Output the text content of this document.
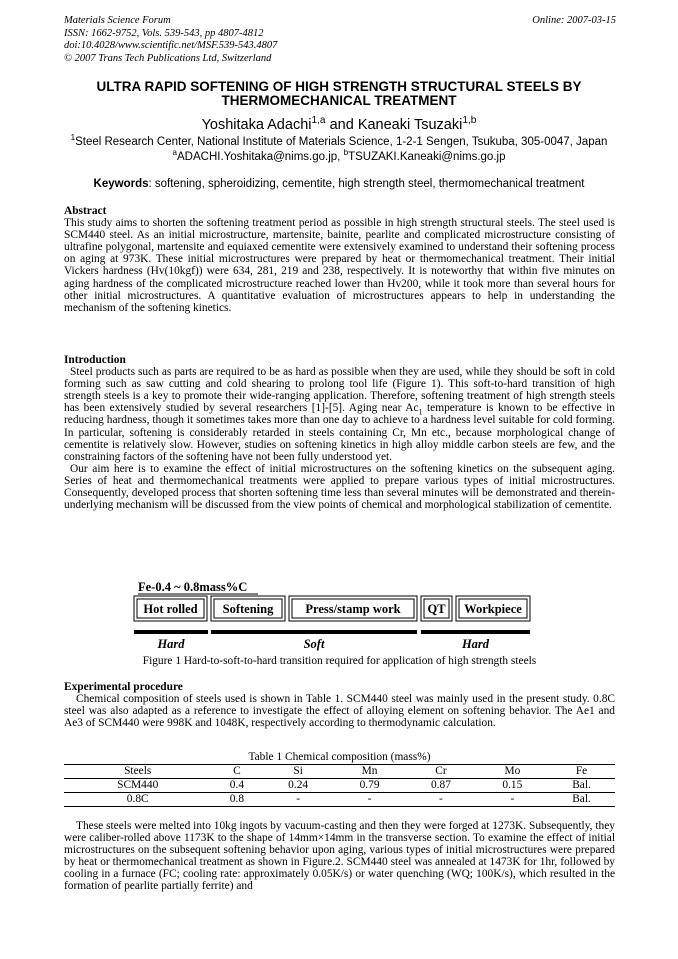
Materials Science Forum
ISSN: 1662-9752, Vols. 539-543, pp 4807-4812
doi:10.4028/www.scientific.net/MSF.539-543.4807
© 2007 Trans Tech Publications Ltd, Switzerland
Online: 2007-03-15
ULTRA RAPID SOFTENING OF HIGH STRENGTH STRUCTURAL STEELS BY
THERMOMECHANICAL TREATMENT
Yoshitaka Adachi$^{1,a}$ and Kaneaki Tsuzaki$^{1,b}$
$^1$Steel Research Center, National Institute of Materials Science, 1-2-1 Sengen, Tsukuba, 305-0047, Japan
$^a$ADACHI.Yoshitaka@nims.go.jp, $^b$TSUZAKI.Kaneaki@nims.go.jp
Keywords: softening, spheroidizing, cementite, high strength steel, thermomechanical treatment

Abstract

This study aims to shorten the softening treatment period as possible in high strength structural steels. The steel used is SCM440 steel. As an initial microstructure, martensite, bainite, pearlite and complicated microstructure consisting of ultrafine polygonal, martensite and equiaxed cementite were extensively examined to understand their softening process on aging at 973K. These initial microstructures were prepared by heat or thermomechanical treatment. Their initial Vickers hardness (Hv(10kgf)) were 634, 281, 219 and 238, respectively. It is noteworthy that within five minutes on aging hardness of the complicated microstructure reached lower than Hv200, while it took more than several hours for other initial microstructures. A quantitative evaluation of microstructures appears to help in understanding the mechanism of the softening kinetics.

Introduction

Steel products such as parts are required to be as hard as possible when they are used, while they should be soft in cold forming such as saw cutting and cold shearing to prolong tool life (Figure 1). This soft-to-hard transition of high strength steels is a key to promote their wide-ranging application. Therefore, softening treatment of high strength steels has been extensively studied by several researchers [1]-[5]. Aging near $Ac_1$ temperature is known to be effective in reducing hardness, though it sometimes takes more than one day to achieve to a hardness level suitable for cold forming. In particular, softening is considerably retarded in steels containing Cr, Mn etc., because morphological change of cementite is relatively slow. However, studies on softening kinetics in high alloy middle carbon steels are few, and the constraining factors of the softening have not been fully understood yet.

Our aim here is to examine the effect of initial microstructures on the softening kinetics on the subsequent aging. Series of heat and thermomechanical treatments were applied to prepare various types of initial microstructures. Consequently, developed process that shorten softening time less than several minutes will be demonstrated and therein-underlying mechanism will be discussed from the view points of chemical and morphological stabilization of cementite.

Fe-0.4 ~ 0.8mass%C
Hot rolled Softening	Press/stamp work QT Workpiece
Hard	Soft	Hard
Figure 1 Hard-to-soft-to-hard transition required for application of high strength steels

Experimental procedure

Chemical composition of steels used is shown in Table 1. SCM440 steel was mainly used in the present study. 0.8C steel was also adapted as a reference to investigate the effect of alloying element on softening behavior. The Ae1 and Ae3 of SCM440 were 998K and 1048K, respectively according to thermodynamic calculation.

Table 1 Chemical composition (mass%)
Steels	C	Si	Mn	Cr	Mo	Fe
SCM440	0.4	0.24	0.79	0.87	0.15	Bal.
0.8C	0.8	-	-	-	-	Bal.

These steels were melted into 10kg ingots by vacuum-casting and then they were forged at 1273K. Subsequently, they were caliber-rolled above 1173K to the shape of 14mm×14mm in the transverse section. To examine the effect of initial microstructures on the subsequent softening behavior upon aging, various types of initial microstructures were prepared by heat or thermomechanical treatment as shown in Figure.2. SCM440 steel was annealed at 1473K for 1hr, followed by cooling in a furnace (FC; cooling rate: approximately 0.05K/s) or water quenching (WQ; 100K/s), which resulted in the formation of pearlite partially ferrite) and
